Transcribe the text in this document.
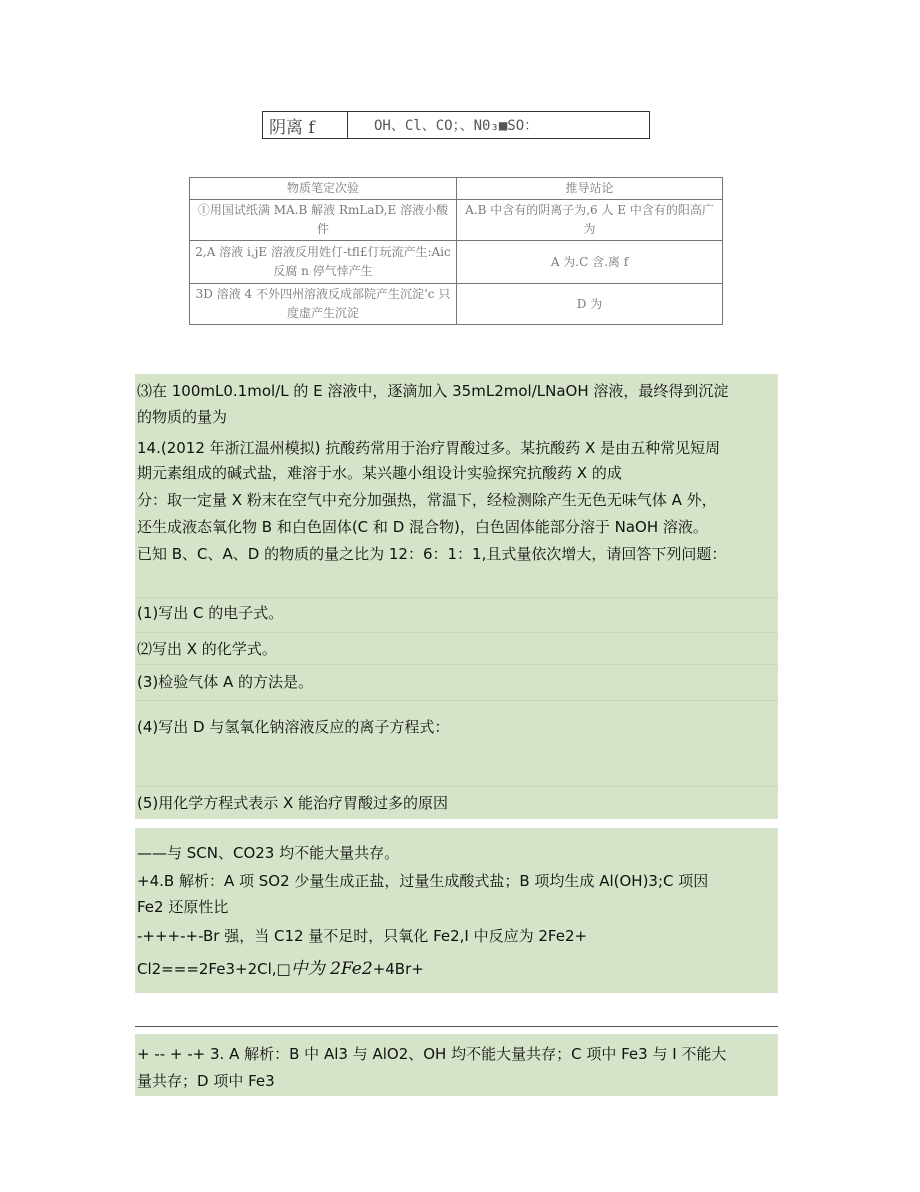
阴离 f	OH、Cl、CO；、N0₃■SO：
物质笔定次验	推导站论
①用国试纸满 MA.B 解液 RmLaD,E 溶液小酸件	A.B 中含有的阴离子为,6 人 E 中含有的阳高广为
2,A 溶液 i,jE 溶液反用姓仃-tfl£仃玩流产生:Aic 反腐 n 停气悻产生	A 为.C 含.离 f
3D 溶液 4 不外四州溶液反成部院产生沉淀’c 只度虚产生沉淀	D 为
⑶在 100mL0.1mol/L 的 E 溶液中，逐滴加入 35mL2mol/LNaOH 溶液，最终得到沉淀
的物质的量为
14.(2012 年浙江温州模拟) 抗酸药常用于治疗胃酸过多。某抗酸药 X 是由五种常见短周
期元素组成的碱式盐，难溶于水。某兴趣小组设计实验探究抗酸药 X 的成
分：取一定量 X 粉末在空气中充分加强热，常温下，经检测除产生无色无味气体 A 外，
还生成液态氧化物 B 和白色固体(C 和 D 混合物)，白色固体能部分溶于 NaOH 溶液。
已知 B、C、A、D 的物质的量之比为 12：6：1：1,且式量依次增大，请回答下列问题：
(1)写出 C 的电子式。
⑵写出 X 的化学式。
(3)检验气体 A 的方法是。
(4)写出 D 与氢氧化钠溶液反应的离子方程式：
(5)用化学方程式表示 X 能治疗胃酸过多的原因
——与 SCN、CO23 均不能大量共存。
+4.B 解析：A 项 SO2 少量生成正盐，过量生成酸式盐；B 项均生成 Al(OH)3;C 项因
Fe2 还原性比
-+++-+-Br 强，当 C12 量不足时，只氧化 Fe2,I 中反应为 2Fe2+
Cl2===2Fe3+2Cl,□中为 2Fe2+4Br+
+ -- + -+ 3. A 解析：B 中 Al3 与 AlO2、OH 均不能大量共存；C 项中 Fe3 与 I 不能大
量共存；D 项中 Fe3
